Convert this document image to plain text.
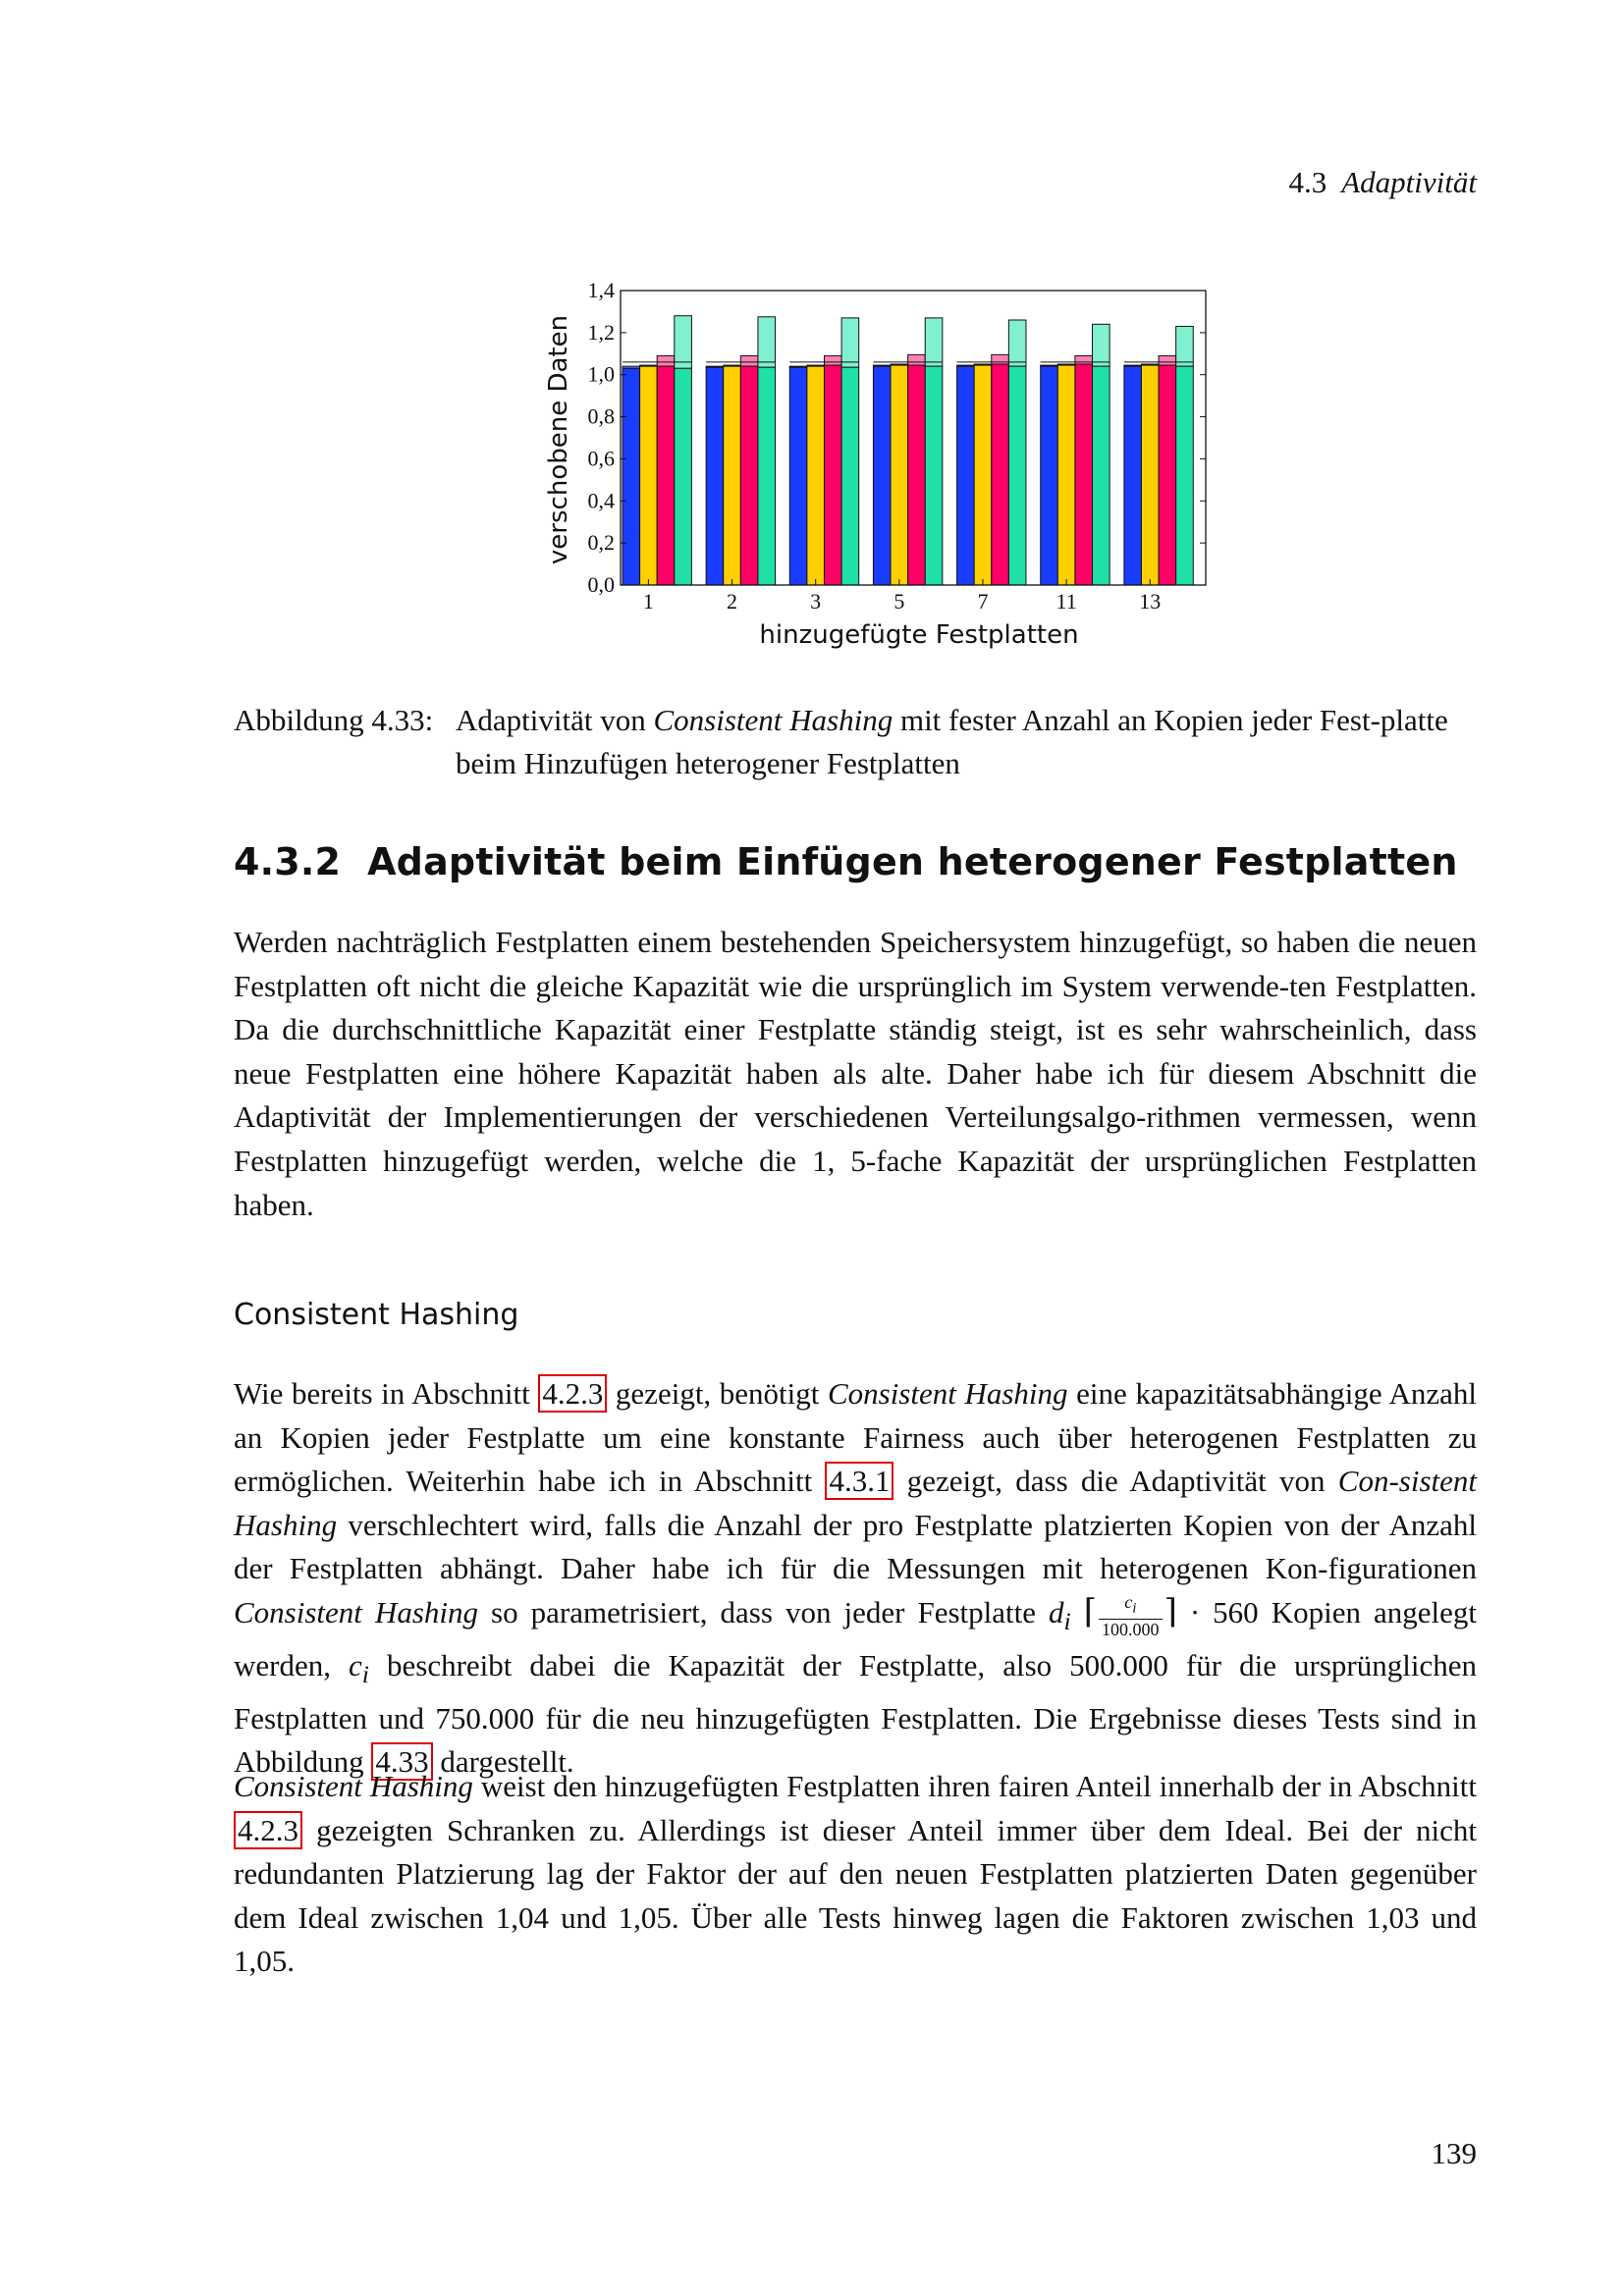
4.3 Adaptivität
1	2	3	5	7	11	13
0,0
0,2
0,4
0,6
0,8
1,0
1,2
1,4
verschobene Daten
hinzugefügte Festplatten
Abbildung 4.33: Adaptivität von Consistent Hashing mit fester Anzahl an Kopien jeder Fest-platte beim Hinzufügen heterogener Festplatten
4.3.2 Adaptivität beim Einfügen heterogener Festplatten
Werden nachträglich Festplatten einem bestehenden Speichersystem hinzugefügt, so haben die neuen Festplatten oft nicht die gleiche Kapazität wie die ursprünglich im System verwende-ten Festplatten. Da die durchschnittliche Kapazität einer Festplatte ständig steigt, ist es sehr wahrscheinlich, dass neue Festplatten eine höhere Kapazität haben als alte. Daher habe ich für diesem Abschnitt die Adaptivität der Implementierungen der verschiedenen Verteilungsalgo-rithmen vermessen, wenn Festplatten hinzugefügt werden, welche die 1, 5-fache Kapazität der ursprünglichen Festplatten haben.
Consistent Hashing
Wie bereits in Abschnitt 4.2.3 gezeigt, benötigt Consistent Hashing eine kapazitätsabhängige Anzahl an Kopien jeder Festplatte um eine konstante Fairness auch über heterogenen Festplatten zu ermöglichen. Weiterhin habe ich in Abschnitt 4.3.1 gezeigt, dass die Adaptivität von Con-sistent Hashing verschlechtert wird, falls die Anzahl der pro Festplatte platzierten Kopien von der Anzahl der Festplatten abhängt. Daher habe ich für die Messungen mit heterogenen Kon-figurationen Consistent Hashing so parametrisiert, dass von jeder Festplatte $d_i$ ⌈ $\frac{c_i}{100.000}$ ⌉ · 560 Kopien angelegt werden, $c_i$ beschreibt dabei die Kapazität der Festplatte, also 500.000 für die ursprünglichen Festplatten und 750.000 für die neu hinzugefügten Festplatten. Die Ergebnisse dieses Tests sind in Abbildung 4.33 dargestellt.
Consistent Hashing weist den hinzugefügten Festplatten ihren fairen Anteil innerhalb der in Abschnitt 4.2.3 gezeigten Schranken zu. Allerdings ist dieser Anteil immer über dem Ideal. Bei der nicht redundanten Platzierung lag der Faktor der auf den neuen Festplatten platzierten Daten gegenüber dem Ideal zwischen 1,04 und 1,05. Über alle Tests hinweg lagen die Faktoren zwischen 1,03 und 1,05.
139
